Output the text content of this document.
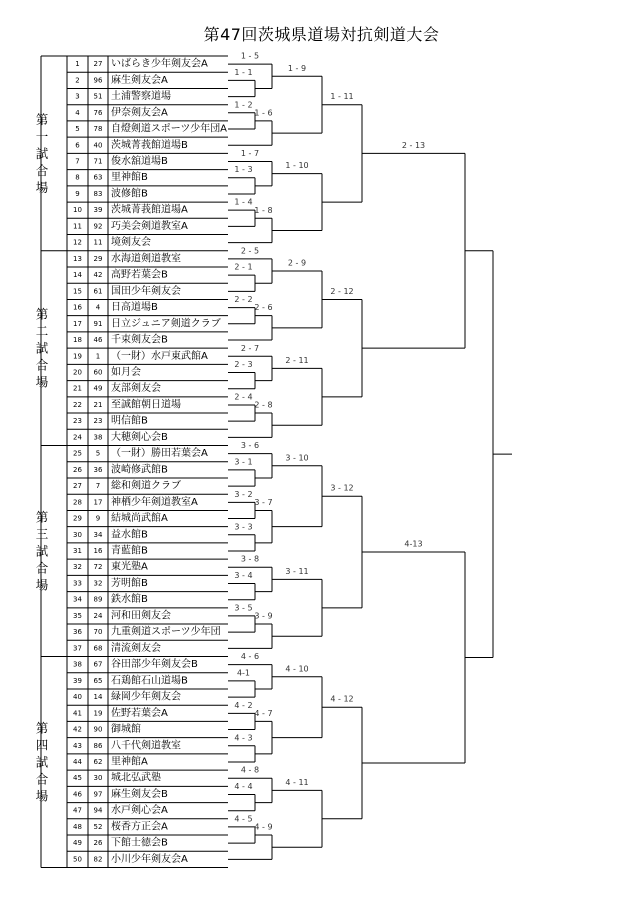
第47回茨城県道場対抗剣道大会
1 27 いばらき少年剣友会A
2 96 麻生剣友会A
3 51 土浦警察道場
4 76 伊奈剣友会A
5 78 自燈剣道スポーツ少年団A
6 40 茨城菁莪館道場B
7 71 俊水舘道場B
8 63 里神館B
9 83 波修館B
10 39 茨城菁莪館道場A
11 92 巧美会剣道教室A
12 11 境剣友会
13 29 水海道剣道教室
14 42 高野若葉会B
15 61 国田少年剣友会
16 4 日高道場B
17 91 日立ジュニア剣道クラブ
18 46 千束剣友会B
19 1 （一財）水戸東武館A
20 60 如月会
21 49 友部剣友会
22 21 至誠館朝日道場
23 23 明信館B
24 38 大穂剣心会B
25 5 （一財）勝田若葉会A
26 36 波崎修武館B
27 7 総和剣道クラブ
28 17 神栖少年剣道教室A
29 9 結城尚武館A
30 34 益水館B
31 16 青藍館B
32 72 東光塾A
33 32 芳明館B
34 89 鉄水館B
35 24 河和田剣友会
36 70 九重剣道スポーツ少年団
37 68 清流剣友会
38 67 谷田部少年剣友会B
39 65 石鶏館石山道場B
40 14 緑岡少年剣友会
41 19 佐野若葉会A
42 90 御城館
43 86 八千代剣道教室
44 62 里神館A
45 30 城北弘武塾
46 97 麻生剣友会B
47 94 水戸剣心会A
48 52 桜香方正会A
49 26 下館士徳会B
50 82 小川少年剣友会A
第
一
試
合
場
第
二
試
合
場
第
三
試
合
場
第
四
試
合
場
1 - 1
1 - 2
1 - 3
1 - 4
1 - 5
1 - 6
1 - 7
1 - 8
1 - 9
1 - 10
1 - 11
2 - 1
2 - 2
2 - 3
2 - 4
2 - 5
2 - 6
2 - 7
2 - 8
2 - 9
2 - 11
2 - 12
3 - 1
3 - 2
3 - 3
3 - 4
3 - 5
3 - 6
3 - 7
3 - 8
3 - 9
3 - 10
3 - 11
3 - 12
4-1
4 - 2
4 - 3
4 - 4
4 - 5
4 - 6
4 - 7
4 - 8
4 - 9
4 - 10
4 - 11
4 - 12
2 - 13
4-13
